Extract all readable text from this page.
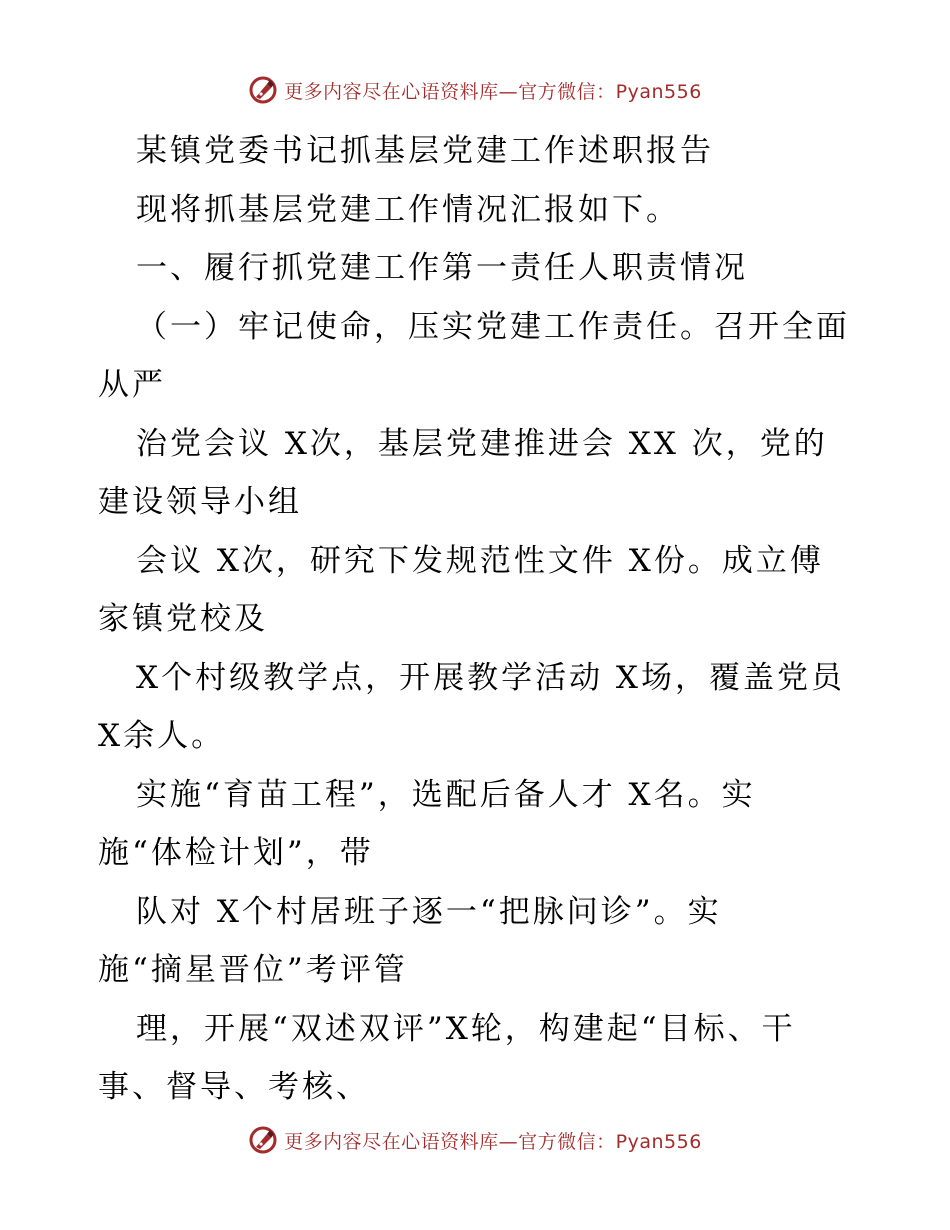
更多内容尽在心语资料库—官方微信：Pyan556
某镇党委书记抓基层党建工作述职报告
现将抓基层党建工作情况汇报如下。
一、履行抓党建工作第一责任人职责情况
（一）牢记使命，压实党建工作责任。召开全面
从严
治党会议 X次，基层党建推进会 XX 次，党的
建设领导小组
会议 X次，研究下发规范性文件 X份。成立傅
家镇党校及
X个村级教学点，开展教学活动 X场，覆盖党员
X余人。
实施“育苗工程”，选配后备人才 X名。实
施“体检计划”，带
队对 X个村居班子逐一“把脉问诊”。实
施“摘星晋位”考评管
理，开展“双述双评”X轮，构建起“目标、干
事、督导、考核、
更多内容尽在心语资料库—官方微信：Pyan556
